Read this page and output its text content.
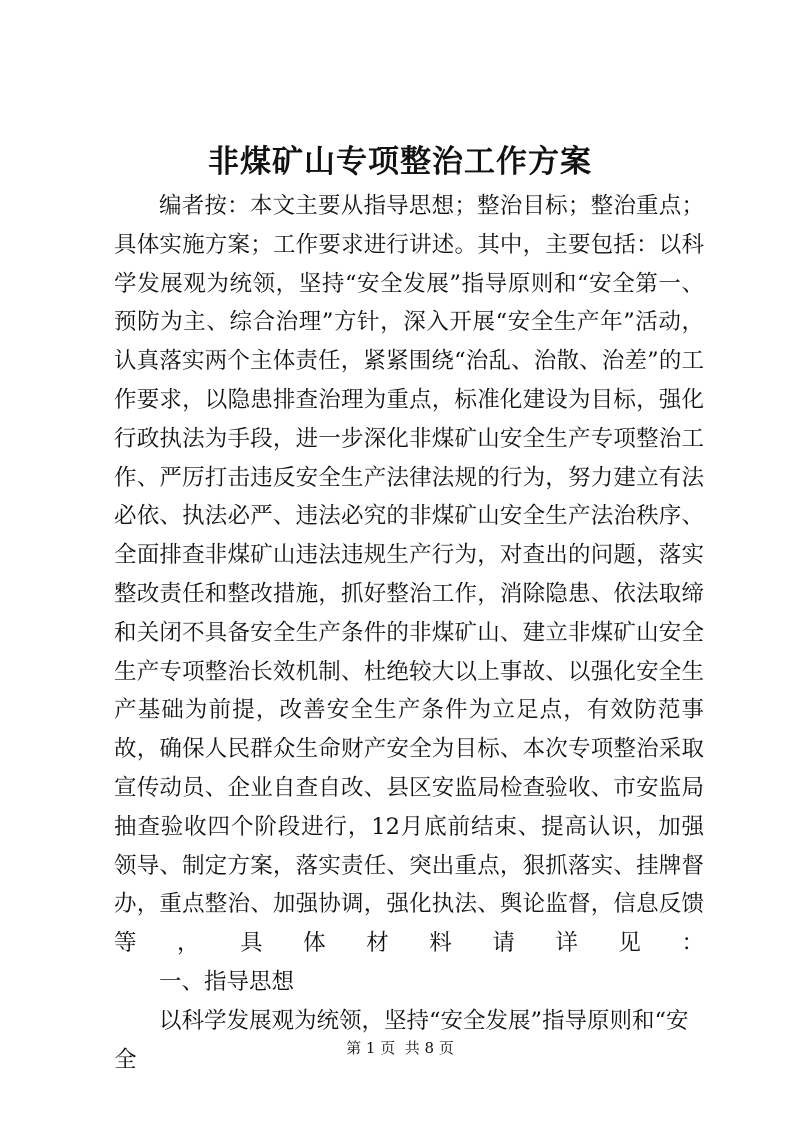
非煤矿山专项整治工作方案

编者按：本文主要从指导思想；整治目标；整治重点；具体实施方案；工作要求进行讲述。其中，主要包括：以科学发展观为统领，坚持“安全发展”指导原则和“安全第一、预防为主、综合治理”方针，深入开展“安全生产年”活动，认真落实两个主体责任，紧紧围绕“治乱、治散、治差”的工作要求，以隐患排查治理为重点，标准化建设为目标，强化行政执法为手段，进一步深化非煤矿山安全生产专项整治工作、严厉打击违反安全生产法律法规的行为，努力建立有法必依、执法必严、违法必究的非煤矿山安全生产法治秩序、全面排查非煤矿山违法违规生产行为，对查出的问题，落实整改责任和整改措施，抓好整治工作，消除隐患、依法取缔和关闭不具备安全生产条件的非煤矿山、建立非煤矿山安全生产专项整治长效机制、杜绝较大以上事故、以强化安全生产基础为前提，改善安全生产条件为立足点，有效防范事故，确保人民群众生命财产安全为目标、本次专项整治采取宣传动员、企业自查自改、县区安监局检查验收、市安监局抽查验收四个阶段进行，12月底前结束、提高认识，加强领导、制定方案，落实责任、突出重点，狠抓落实、挂牌督办，重点整治、加强协调，强化执法、舆论监督，信息反馈等，具体材料请详见：

一、指导思想

以科学发展观为统领，坚持“安全发展”指导原则和“安全	第 1 页  共 8 页
